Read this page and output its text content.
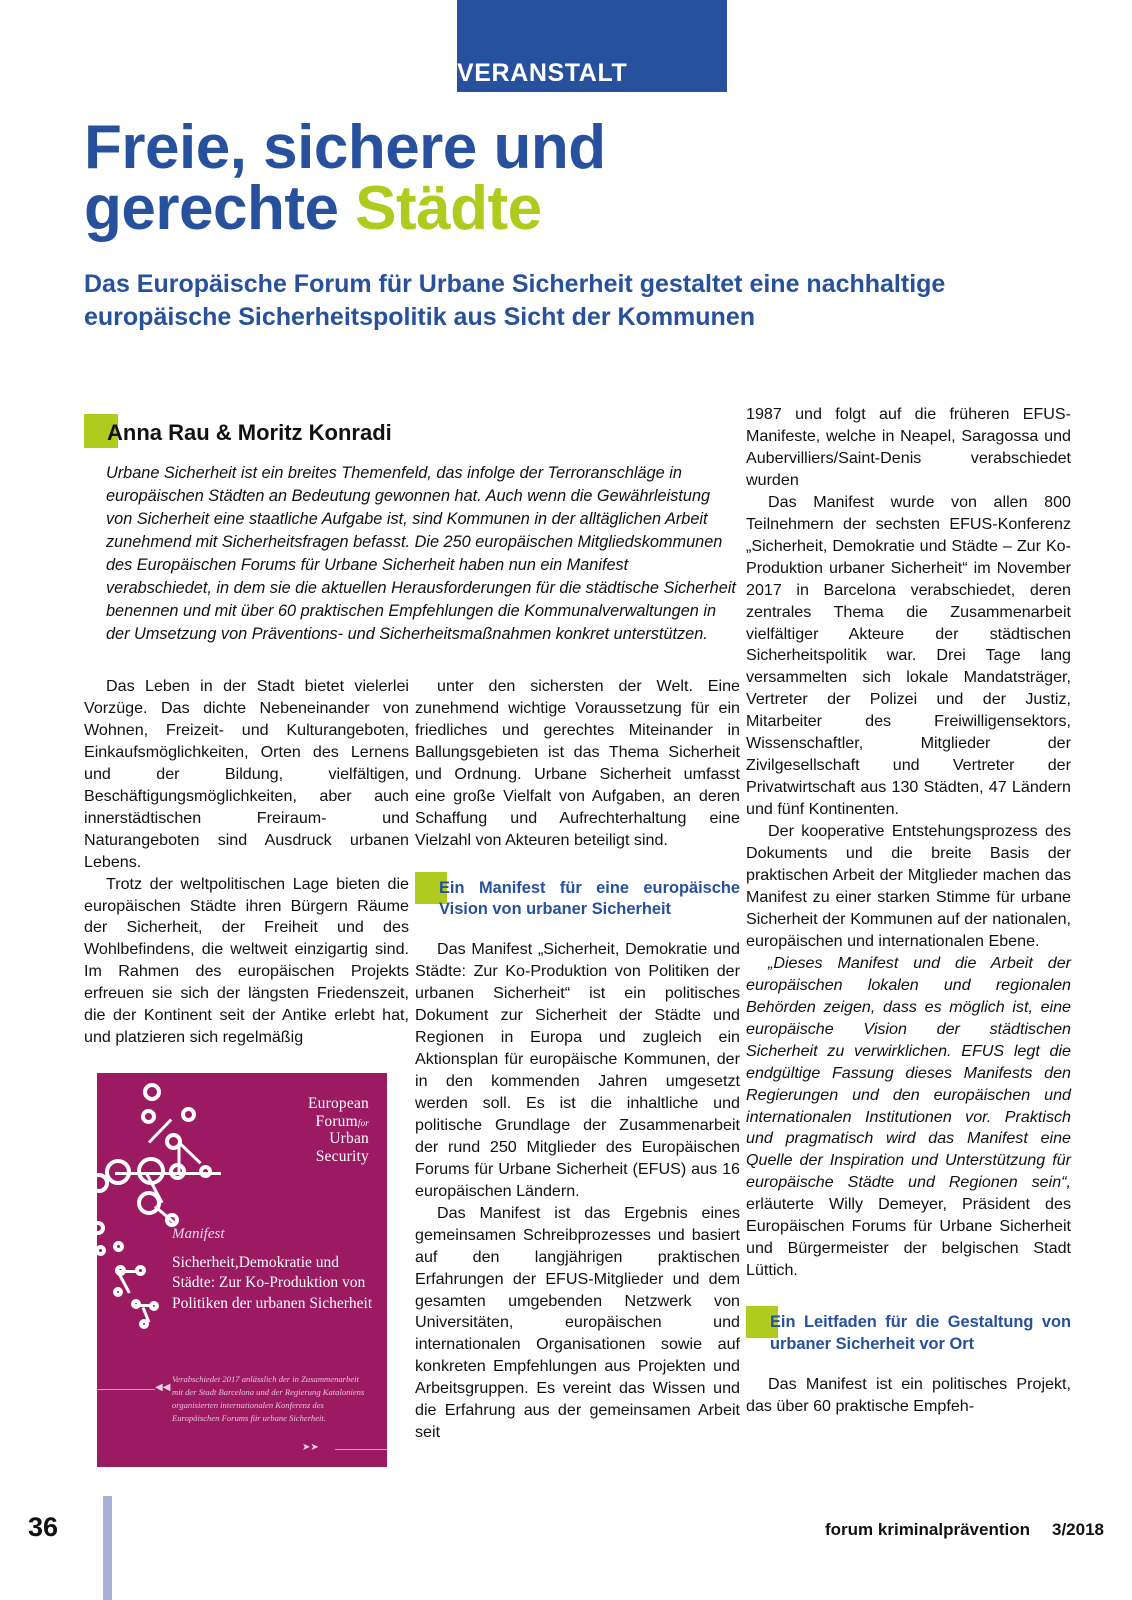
VERANSTALTUNGEN
Freie, sichere und
gerechte Städte
Das Europäische Forum für Urbane Sicherheit gestaltet eine nachhaltige europäische Sicherheitspolitik aus Sicht der Kommunen
Anna Rau & Moritz Konradi
Urbane Sicherheit ist ein breites Themenfeld, das infolge der Terroranschläge in europäischen Städten an Bedeutung gewonnen hat. Auch wenn die Gewährleistung von Sicherheit eine staatliche Aufgabe ist, sind Kommunen in der alltäglichen Arbeit zunehmend mit Sicherheitsfragen befasst. Die 250 europäischen Mitgliedskommunen des Europäischen Forums für Urbane Sicherheit haben nun ein Manifest verabschiedet, in dem sie die aktuellen Herausforderungen für die städtische Sicherheit benennen und mit über 60 praktischen Empfehlungen die Kommunalverwaltungen in der Umsetzung von Präventions- und Sicherheitsmaßnahmen konkret unterstützen.

Das Leben in der Stadt bietet vielerlei Vorzüge. Das dichte Nebeneinander von Wohnen, Freizeit- und Kulturangeboten, Einkaufsmöglichkeiten, Orten des Lernens und der Bildung, vielfältigen, Beschäftigungsmöglichkeiten, aber auch innerstädtischen Freiraum- und Naturangeboten sind Ausdruck urbanen Lebens.

Trotz der weltpolitischen Lage bieten die europäischen Städte ihren Bürgern Räume der Sicherheit, der Freiheit und des Wohlbefindens, die weltweit einzigartig sind. Im Rahmen des europäischen Projekts erfreuen sie sich der längsten Friedenszeit, die der Kontinent seit der Antike erlebt hat, und platzieren sich regelmäßig

European
Forumfor
Urban
Security
Manifest
Sicherheit,Demokratie und Städte: Zur Ko-Produktion von Politiken der urbanen Sicherheit
◀◀
Verabschiedet 2017 anlässlich der in Zusammenarbeit mit der Stadt Barcelona und der Regierung Kataloniens organisierten internationalen Konferenz des Europäischen Forums für urbane Sicherheit.
➤➤

unter den sichersten der Welt. Eine zunehmend wichtige Voraussetzung für ein friedliches und gerechtes Miteinander in Ballungsgebieten ist das Thema Sicherheit und Ordnung. Urbane Sicherheit umfasst eine große Vielfalt von Aufgaben, an deren Schaffung und Aufrechterhaltung eine Vielzahl von Akteuren beteiligt sind.

Ein Manifest für eine europäische Vision von urbaner Sicherheit

Das Manifest „Sicherheit, Demokratie und Städte: Zur Ko-Produktion von Politiken der urbanen Sicherheit“ ist ein politisches Dokument zur Sicherheit der Städte und Regionen in Europa und zugleich ein Aktionsplan für europäische Kommunen, der in den kommenden Jahren umgesetzt werden soll. Es ist die inhaltliche und politische Grundlage der Zusammenarbeit der rund 250 Mitglieder des Europäischen Forums für Urbane Sicherheit (EFUS) aus 16 europäischen Ländern.

Das Manifest ist das Ergebnis eines gemeinsamen Schreibprozesses und basiert auf den langjährigen praktischen Erfahrungen der EFUS-Mitglieder und dem gesamten umgebenden Netzwerk von Universitäten, europäischen und internationalen Organisationen sowie auf konkreten Empfehlungen aus Projekten und Arbeitsgruppen. Es vereint das Wissen und die Erfahrung aus der gemeinsamen Arbeit seit

1987 und folgt auf die früheren EFUS-Manifeste, welche in Neapel, Saragossa und Aubervilliers/Saint-Denis verabschiedet wurden

Das Manifest wurde von allen 800 Teilnehmern der sechsten EFUS-Konferenz „Sicherheit, Demokratie und Städte – Zur Ko-Produktion urbaner Sicherheit“ im November 2017 in Barcelona verabschiedet, deren zentrales Thema die Zusammenarbeit vielfältiger Akteure der städtischen Sicherheitspolitik war. Drei Tage lang versammelten sich lokale Mandatsträger, Vertreter der Polizei und der Justiz, Mitarbeiter des Freiwilligensektors, Wissenschaftler, Mitglieder der Zivilgesellschaft und Vertreter der Privatwirtschaft aus 130 Städten, 47 Ländern und fünf Kontinenten.

Der kooperative Entstehungsprozess des Dokuments und die breite Basis der praktischen Arbeit der Mitglieder machen das Manifest zu einer starken Stimme für urbane Sicherheit der Kommunen auf der nationalen, europäischen und internationalen Ebene.

„Dieses Manifest und die Arbeit der europäischen lokalen und regionalen Behörden zeigen, dass es möglich ist, eine europäische Vision der städtischen Sicherheit zu verwirklichen. EFUS legt die endgültige Fassung dieses Manifests den Regierungen und den europäischen und internationalen Institutionen vor. Praktisch und pragmatisch wird das Manifest eine Quelle der Inspiration und Unterstützung für europäische Städte und Regionen sein“, erläuterte Willy Demeyer, Präsident des Europäischen Forums für Urbane Sicherheit und Bürgermeister der belgischen Stadt Lüttich.

Ein Leitfaden für die Gestaltung von urbaner Sicherheit vor Ort

Das Manifest ist ein politisches Projekt, das über 60 praktische Empfeh-

36	forum kriminalprävention 3/2018
